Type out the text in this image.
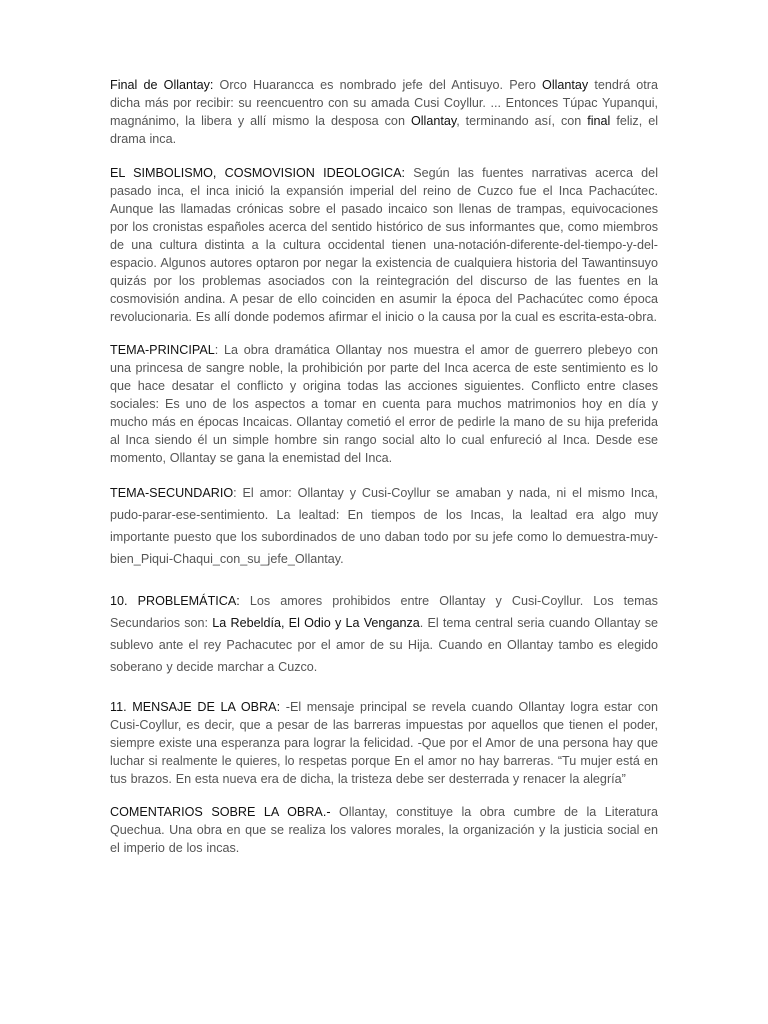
Final de Ollantay: Orco Huarancca es nombrado jefe del Antisuyo. Pero Ollantay tendrá otra dicha más por recibir: su reencuentro con su amada Cusi Coyllur. ... Entonces Túpac Yupanqui, magnánimo, la libera y allí mismo la desposa con Ollantay, terminando así, con final feliz, el drama inca.

EL SIMBOLISMO, COSMOVISION IDEOLOGICA: Según las fuentes narrativas acerca del pasado inca, el inca inició la expansión imperial del reino de Cuzco fue el Inca Pachacútec. Aunque las llamadas crónicas sobre el pasado incaico son llenas de trampas, equivocaciones por los cronistas españoles acerca del sentido histórico de sus informantes que, como miembros de una cultura distinta a la cultura occidental tienen una-notación-diferente-del-tiempo-y-del-espacio. Algunos autores optaron por negar la existencia de cualquiera historia del Tawantinsuyo quizás por los problemas asociados con la reintegración del discurso de las fuentes en la cosmovisión andina. A pesar de ello coinciden en asumir la época del Pachacútec como época revolucionaria. Es allí donde podemos afirmar el inicio o la causa por la cual es escrita-esta-obra.

TEMA-PRINCIPAL: La obra dramática Ollantay nos muestra el amor de guerrero plebeyo con una princesa de sangre noble, la prohibición por parte del Inca acerca de este sentimiento es lo que hace desatar el conflicto y origina todas las acciones siguientes. Conflicto entre clases sociales: Es uno de los aspectos a tomar en cuenta para muchos matrimonios hoy en día y mucho más en épocas Incaicas. Ollantay cometió el error de pedirle la mano de su hija preferida al Inca siendo él un simple hombre sin rango social alto lo cual enfureció al Inca. Desde ese momento, Ollantay se gana la enemistad del Inca.

TEMA-SECUNDARIO: El amor: Ollantay y Cusi-Coyllur se amaban y nada, ni el mismo Inca, pudo-parar-ese-sentimiento. La lealtad: En tiempos de los Incas, la lealtad era algo muy importante puesto que los subordinados de uno daban todo por su jefe como lo demuestra-muy-bien_Piqui-Chaqui_con_su_jefe_Ollantay.

10. PROBLEMÁTICA: Los amores prohibidos entre Ollantay y Cusi-Coyllur. Los temas Secundarios son: La Rebeldía, El Odio y La Venganza. El tema central seria cuando Ollantay se sublevo ante el rey Pachacutec por el amor de su Hija. Cuando en Ollantay tambo es elegido soberano y decide marchar a Cuzco.

11. MENSAJE DE LA OBRA: -El mensaje principal se revela cuando Ollantay logra estar con Cusi-Coyllur, es decir, que a pesar de las barreras impuestas por aquellos que tienen el poder, siempre existe una esperanza para lograr la felicidad. -Que por el Amor de una persona hay que luchar si realmente le quieres, lo respetas porque En el amor no hay barreras. “Tu mujer está en tus brazos. En esta nueva era de dicha, la tristeza debe ser desterrada y renacer la alegría”

COMENTARIOS SOBRE LA OBRA.- Ollantay, constituye la obra cumbre de la Literatura Quechua. Una obra en que se realiza los valores morales, la organización y la justicia social en el imperio de los incas.
